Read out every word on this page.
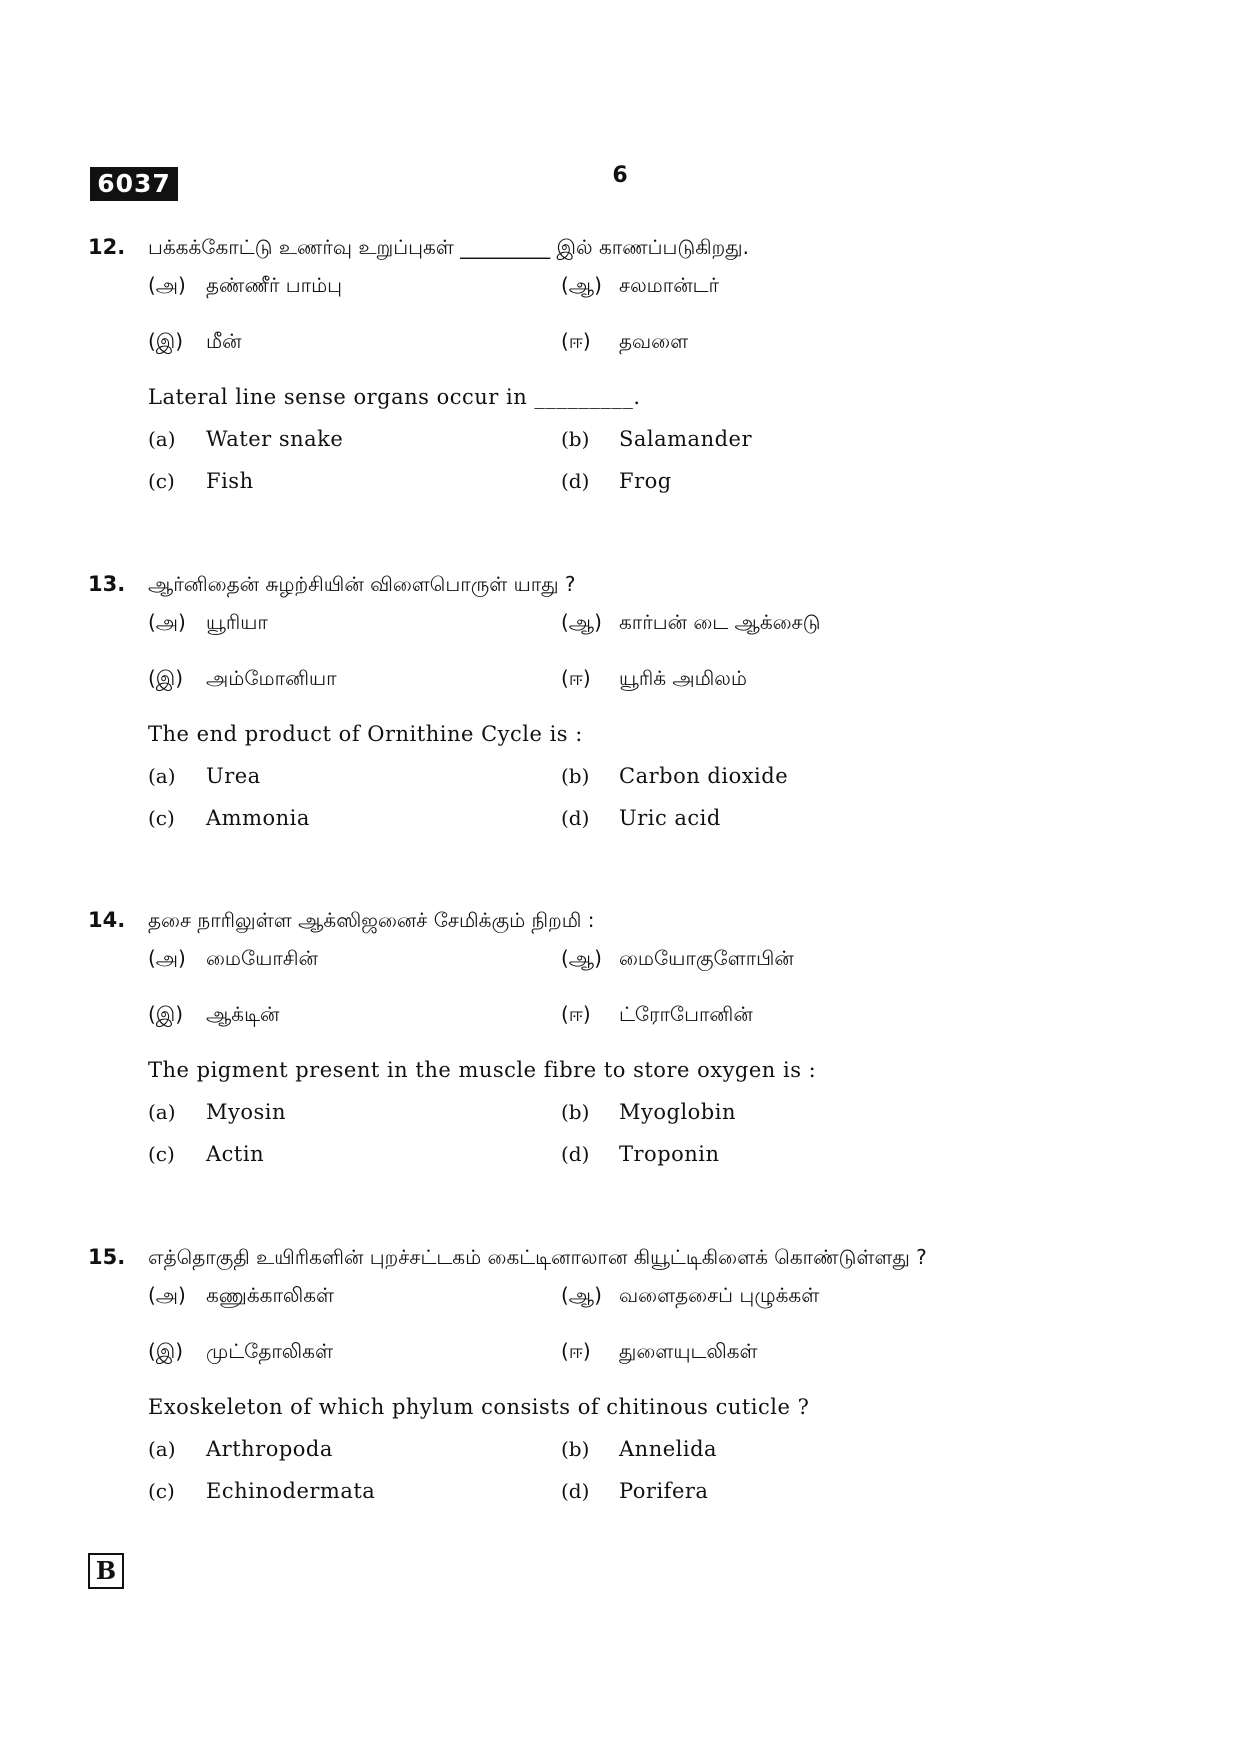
6037	6
12. பக்கக்கோட்டு உணர்வு உறுப்புகள் _________ இல் காணப்படுகிறது.
(அ) தண்ணீர் பாம்பு	(ஆ) சலமான்டர்
(இ) மீன்	(ஈ) தவளை
Lateral line sense organs occur in _________.
(a) Water snake	(b) Salamander
(c) Fish	(d) Frog
13. ஆர்னிதைன் சுழற்சியின் விளைபொருள் யாது ?
(அ) யூரியா	(ஆ) கார்பன் டை ஆக்சைடு
(இ) அம்மோனியா	(ஈ) யூரிக் அமிலம்
The end product of Ornithine Cycle is :
(a) Urea	(b) Carbon dioxide
(c) Ammonia	(d) Uric acid
14. தசை நாரிலுள்ள ஆக்ஸிஜனைச் சேமிக்கும் நிறமி :
(அ) மையோசின்	(ஆ) மையோகுளோபின்
(இ) ஆக்டின்	(ஈ) ட்ரோபோனின்
The pigment present in the muscle fibre to store oxygen is :
(a) Myosin	(b) Myoglobin
(c) Actin	(d) Troponin
15. எத்தொகுதி உயிரிகளின் புறச்சட்டகம் கைட்டினாலான கியூட்டிகிளைக் கொண்டுள்ளது ?
(அ) கணுக்காலிகள்	(ஆ) வளைதசைப் புழுக்கள்
(இ) முட்தோலிகள்	(ஈ) துளையுடலிகள்
Exoskeleton of which phylum consists of chitinous cuticle ?
(a) Arthropoda	(b) Annelida
(c) Echinodermata	(d) Porifera
B
